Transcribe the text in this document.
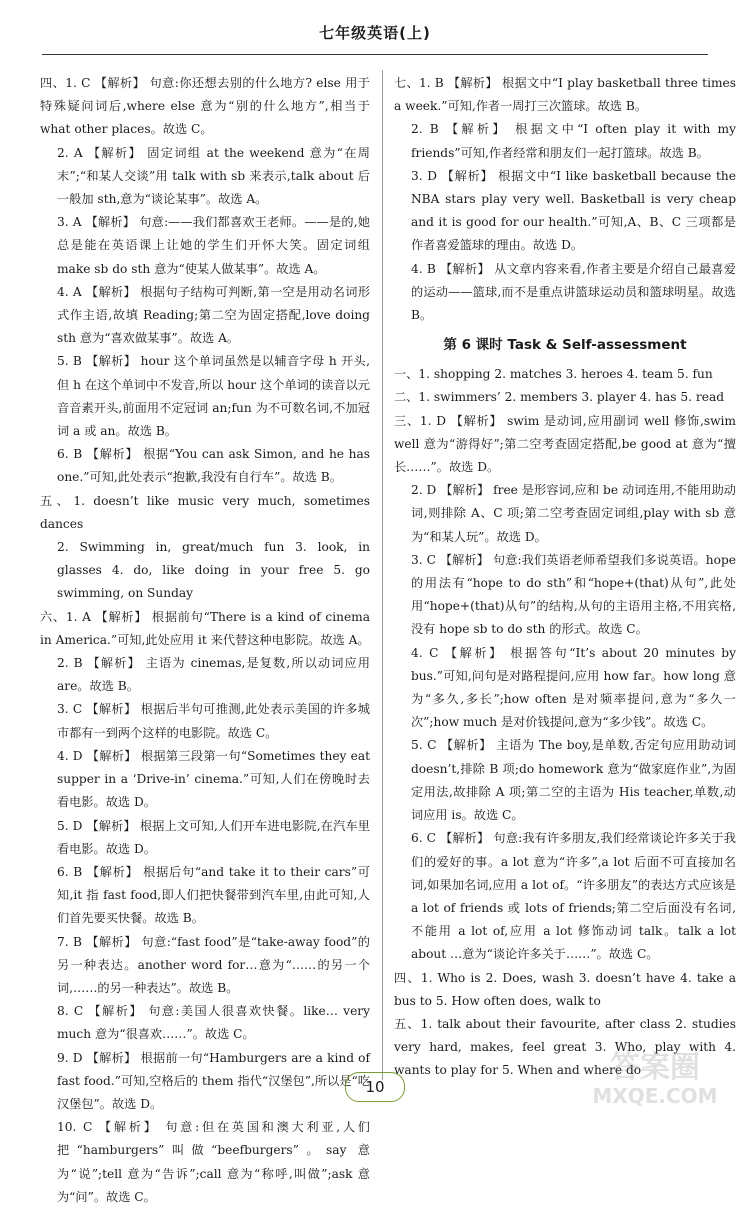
七年级英语(上)

四、1. C 【解析】 句意:你还想去别的什么地方? else 用于特殊疑问词后,where else 意为“别的什么地方”,相当于 what other places。故选 C。

2. A 【解析】 固定词组 at the weekend 意为“在周末”;“和某人交谈”用 talk with sb 来表示,talk about 后一般加 sth,意为“谈论某事”。故选 A。

3. A 【解析】 句意:——我们都喜欢王老师。——是的,她总是能在英语课上让她的学生们开怀大笑。固定词组 make sb do sth 意为“使某人做某事”。故选 A。

4. A 【解析】 根据句子结构可判断,第一空是用动名词形式作主语,故填 Reading;第二空为固定搭配,love doing sth 意为“喜欢做某事”。故选 A。

5. B 【解析】 hour 这个单词虽然是以辅音字母 h 开头,但 h 在这个单词中不发音,所以 hour 这个单词的读音以元音音素开头,前面用不定冠词 an;fun 为不可数名词,不加冠词 a 或 an。故选 B。

6. B 【解析】 根据“You can ask Simon, and he has one.”可知,此处表示“抱歉,我没有自行车”。故选 B。

五、1. doesn’t like music very much, sometimes dances

2. Swimming in, great/much fun 3. look, in glasses 4. do, like doing in your free 5. go swimming, on Sunday

六、1. A 【解析】 根据前句“There is a kind of cinema in America.”可知,此处应用 it 来代替这种电影院。故选 A。

2. B 【解析】 主语为 cinemas,是复数,所以动词应用 are。故选 B。

3. C 【解析】 根据后半句可推测,此处表示美国的许多城市都有一到两个这样的电影院。故选 C。

4. D 【解析】 根据第三段第一句“Sometimes they eat supper in a ‘Drive-in’ cinema.”可知,人们在傍晚时去看电影。故选 D。

5. D 【解析】 根据上文可知,人们开车进电影院,在汽车里看电影。故选 D。

6. B 【解析】 根据后句“and take it to their cars”可知,it 指 fast food,即人们把快餐带到汽车里,由此可知,人们首先要买快餐。故选 B。

7. B 【解析】 句意:“fast food”是“take-away food”的另一种表达。another word for…意为“……的另一个词,……的另一种表达”。故选 B。

8. C 【解析】 句意:美国人很喜欢快餐。like… very much 意为“很喜欢……”。故选 C。

9. D 【解析】 根据前一句“Hamburgers are a kind of fast food.”可知,空格后的 them 指代“汉堡包”,所以是“吃汉堡包”。故选 D。

10. C 【解析】 句意:但在英国和澳大利亚,人们把“hamburgers”叫做“beefburgers”。say 意为“说”;tell 意为“告诉”;call 意为“称呼,叫做”;ask 意为“问”。故选 C。

七、1. B 【解析】 根据文中“I play basketball three times a week.”可知,作者一周打三次篮球。故选 B。

2. B 【解析】 根据文中“I often play it with my friends”可知,作者经常和朋友们一起打篮球。故选 B。

3. D 【解析】 根据文中“I like basketball because the NBA stars play very well. Basketball is very cheap and it is good for our health.”可知,A、B、C 三项都是作者喜爱篮球的理由。故选 D。

4. B 【解析】 从文章内容来看,作者主要是介绍自己最喜爱的运动——篮球,而不是重点讲篮球运动员和篮球明星。故选 B。

第 6 课时 Task & Self-assessment

一、1. shopping 2. matches 3. heroes 4. team 5. fun

二、1. swimmers’ 2. members 3. player 4. has 5. read

三、1. D 【解析】 swim 是动词,应用副词 well 修饰,swim well 意为“游得好”;第二空考查固定搭配,be good at 意为“擅长……”。故选 D。

2. D 【解析】 free 是形容词,应和 be 动词连用,不能用助动词,则排除 A、C 项;第二空考查固定词组,play with sb 意为“和某人玩”。故选 D。

3. C 【解析】 句意:我们英语老师希望我们多说英语。hope 的用法有“hope to do sth”和“hope+(that)从句”,此处用“hope+(that)从句”的结构,从句的主语用主格,不用宾格,没有 hope sb to do sth 的形式。故选 C。

4. C 【解析】 根据答句“It’s about 20 minutes by bus.”可知,问句是对路程提问,应用 how far。how long 意为“多久,多长”;how often 是对频率提问,意为“多久一次”;how much 是对价钱提问,意为“多少钱”。故选 C。

5. C 【解析】 主语为 The boy,是单数,否定句应用助动词 doesn’t,排除 B 项;do homework 意为“做家庭作业”,为固定用法,故排除 A 项;第二空的主语为 His teacher,单数,动词应用 is。故选 C。

6. C 【解析】 句意:我有许多朋友,我们经常谈论许多关于我们的爱好的事。a lot 意为“许多”,a lot 后面不可直接加名词,如果加名词,应用 a lot of。“许多朋友”的表达方式应该是 a lot of friends 或 lots of friends;第二空后面没有名词,不能用 a lot of,应用 a lot 修饰动词 talk。talk a lot about …意为“谈论许多关于……”。故选 C。

四、1. Who is 2. Does, wash 3. doesn’t have 4. take a bus to 5. How often does, walk to

五、1. talk about their favourite, after class 2. studies very hard, makes, feel great 3. Who, play with 4. wants to play for 5. When and where do

10
答案圈
MXQE.COM
